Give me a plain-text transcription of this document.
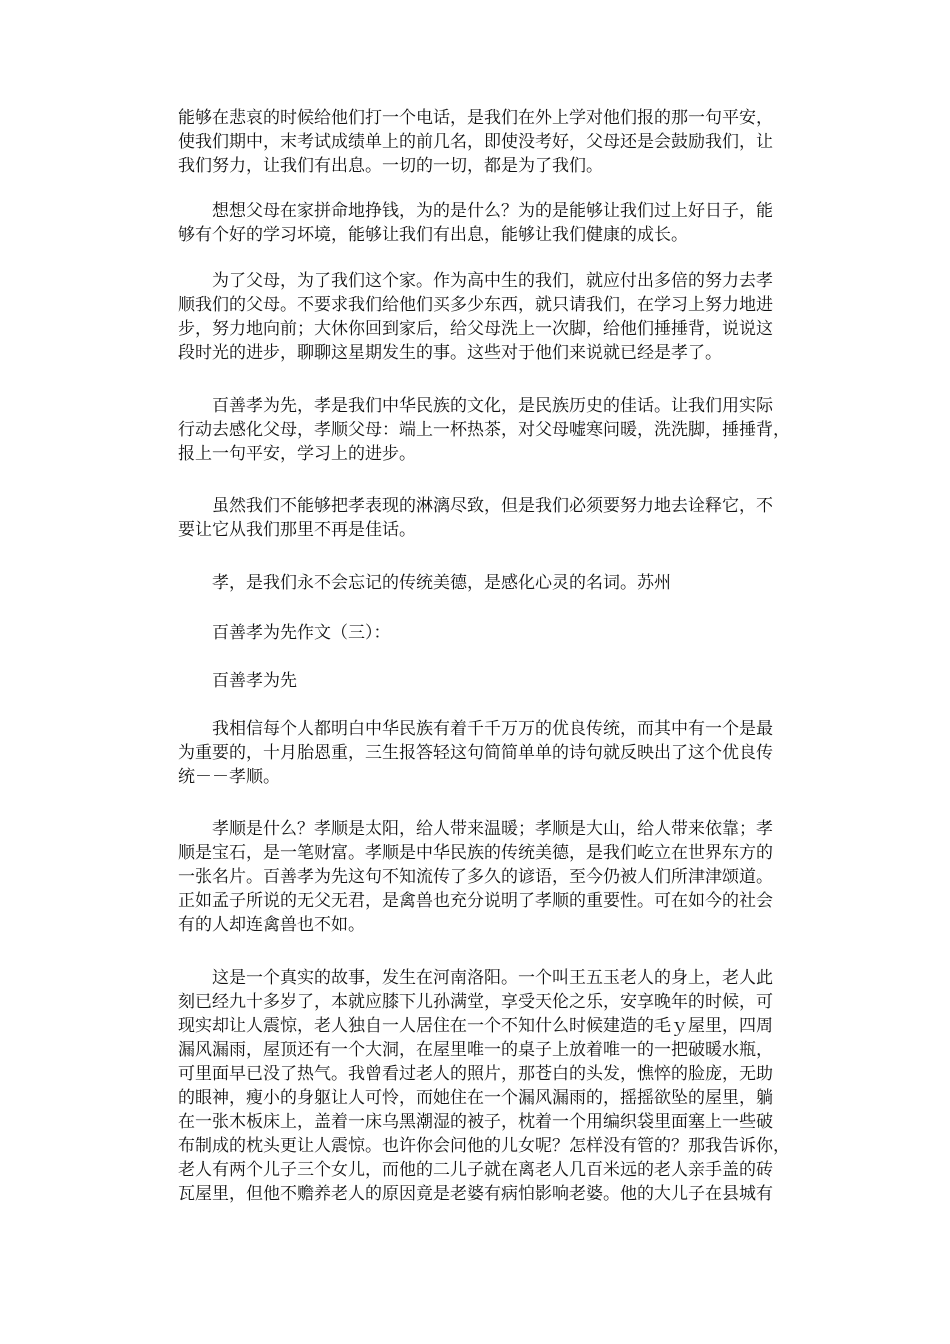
能够在悲哀的时候给他们打一个电话，是我们在外上学对他们报的那一句平安，
使我们期中，末考试成绩单上的前几名，即使没考好，父母还是会鼓励我们，让
我们努力，让我们有出息。一切的一切，都是为了我们。
想想父母在家拼命地挣钱，为的是什么？为的是能够让我们过上好日子，能
够有个好的学习坏境，能够让我们有出息，能够让我们健康的成长。
为了父母，为了我们这个家。作为高中生的我们，就应付出多倍的努力去孝
顺我们的父母。不要求我们给他们买多少东西，就只请我们，在学习上努力地进
步，努力地向前；大休你回到家后，给父母洗上一次脚，给他们捶捶背，说说这
段时光的进步，聊聊这星期发生的事。这些对于他们来说就已经是孝了。
百善孝为先，孝是我们中华民族的文化，是民族历史的佳话。让我们用实际
行动去感化父母，孝顺父母：端上一杯热茶，对父母嘘寒问暖，洗洗脚，捶捶背，
报上一句平安，学习上的进步。
虽然我们不能够把孝表现的淋漓尽致，但是我们必须要努力地去诠释它，不
要让它从我们那里不再是佳话。
孝，是我们永不会忘记的传统美德，是感化心灵的名词。苏州
百善孝为先作文（三）：
百善孝为先
我相信每个人都明白中华民族有着千千万万的优良传统，而其中有一个是最
为重要的，十月胎恩重，三生报答轻这句简简单单的诗句就反映出了这个优良传
统－－孝顺。
孝顺是什么？孝顺是太阳，给人带来温暖；孝顺是大山，给人带来依靠；孝
顺是宝石，是一笔财富。孝顺是中华民族的传统美德，是我们屹立在世界东方的
一张名片。百善孝为先这句不知流传了多久的谚语，至今仍被人们所津津颂道。
正如孟子所说的无父无君，是禽兽也充分说明了孝顺的重要性。可在如今的社会
有的人却连禽兽也不如。
这是一个真实的故事，发生在河南洛阳。一个叫王五玉老人的身上，老人此
刻已经九十多岁了，本就应膝下儿孙满堂，享受天伦之乐，安享晚年的时候，可
现实却让人震惊，老人独自一人居住在一个不知什么时候建造的毛ｙ屋里，四周
漏风漏雨，屋顶还有一个大洞，在屋里唯一的桌子上放着唯一的一把破暖水瓶，
可里面早已没了热气。我曾看过老人的照片，那苍白的头发，憔悴的脸庞，无助
的眼神，瘦小的身躯让人可怜，而她住在一个漏风漏雨的，摇摇欲坠的屋里，躺
在一张木板床上，盖着一床乌黑潮湿的被子，枕着一个用编织袋里面塞上一些破
布制成的枕头更让人震惊。也许你会问他的儿女呢？怎样没有管的？那我告诉你，
老人有两个儿子三个女儿，而他的二儿子就在离老人几百米远的老人亲手盖的砖
瓦屋里，但他不赡养老人的原因竟是老婆有病怕影响老婆。他的大儿子在县城有
